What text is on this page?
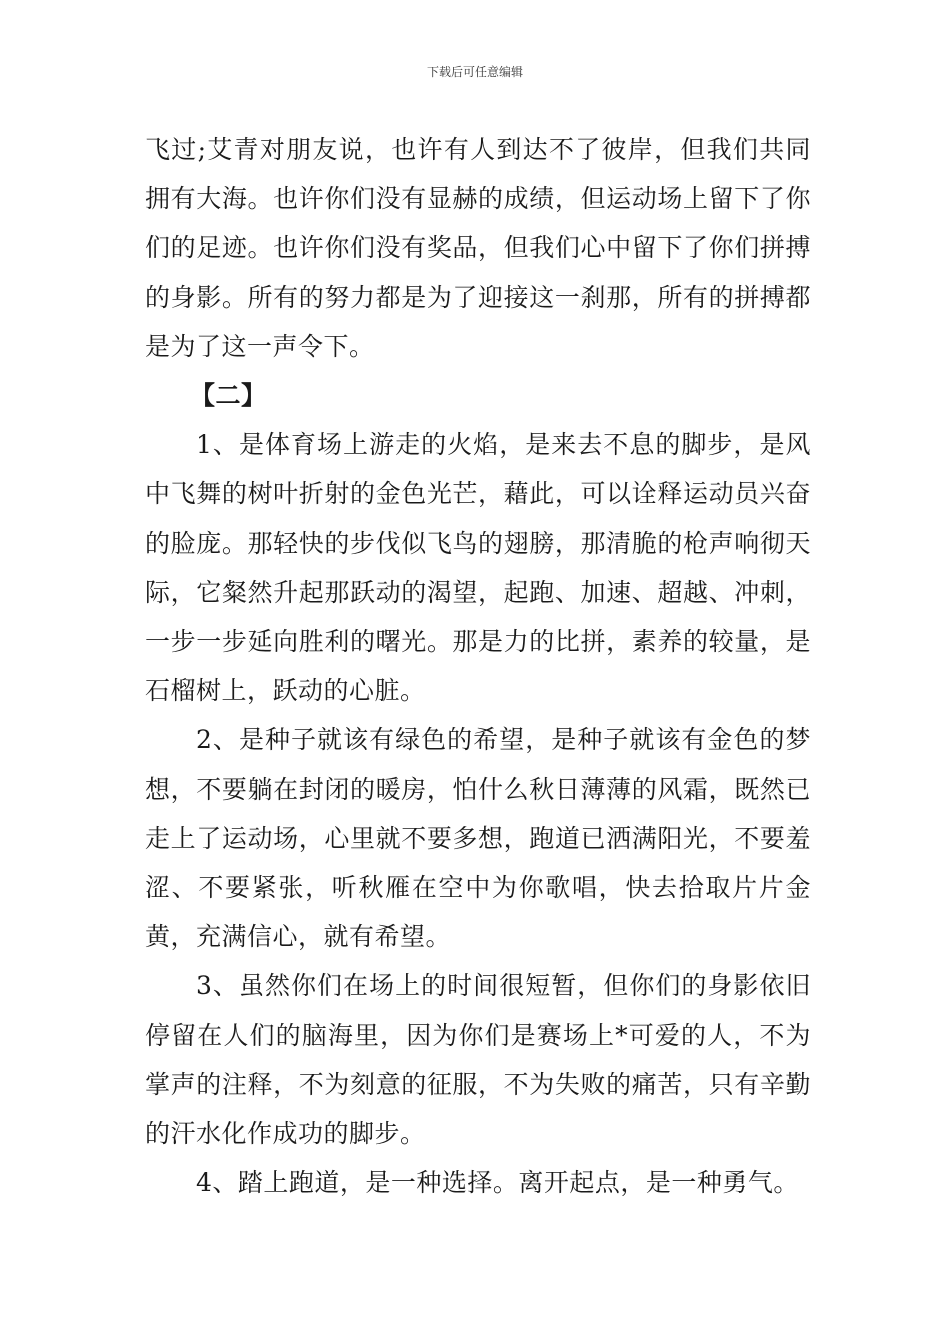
下载后可任意编辑

飞过;艾青对朋友说，也许有人到达不了彼岸，但我们共同拥有大海。也许你们没有显赫的成绩，但运动场上留下了你们的足迹。也许你们没有奖品，但我们心中留下了你们拼搏的身影。所有的努力都是为了迎接这一刹那，所有的拼搏都是为了这一声令下。

【二】

1、是体育场上游走的火焰，是来去不息的脚步，是风中飞舞的树叶折射的金色光芒，藉此，可以诠释运动员兴奋的脸庞。那轻快的步伐似飞鸟的翅膀，那清脆的枪声响彻天际，它粲然升起那跃动的渴望，起跑、加速、超越、冲刺，一步一步延向胜利的曙光。那是力的比拼，素养的较量，是石榴树上，跃动的心脏。

2、是种子就该有绿色的希望，是种子就该有金色的梦想，不要躺在封闭的暖房，怕什么秋日薄薄的风霜，既然已走上了运动场，心里就不要多想，跑道已洒满阳光，不要羞涩、不要紧张，听秋雁在空中为你歌唱，快去拾取片片金黄，充满信心，就有希望。

3、虽然你们在场上的时间很短暂，但你们的身影依旧停留在人们的脑海里，因为你们是赛场上*可爱的人，不为掌声的注释，不为刻意的征服，不为失败的痛苦，只有辛勤的汗水化作成功的脚步。

4、踏上跑道，是一种选择。离开起点，是一种勇气。
